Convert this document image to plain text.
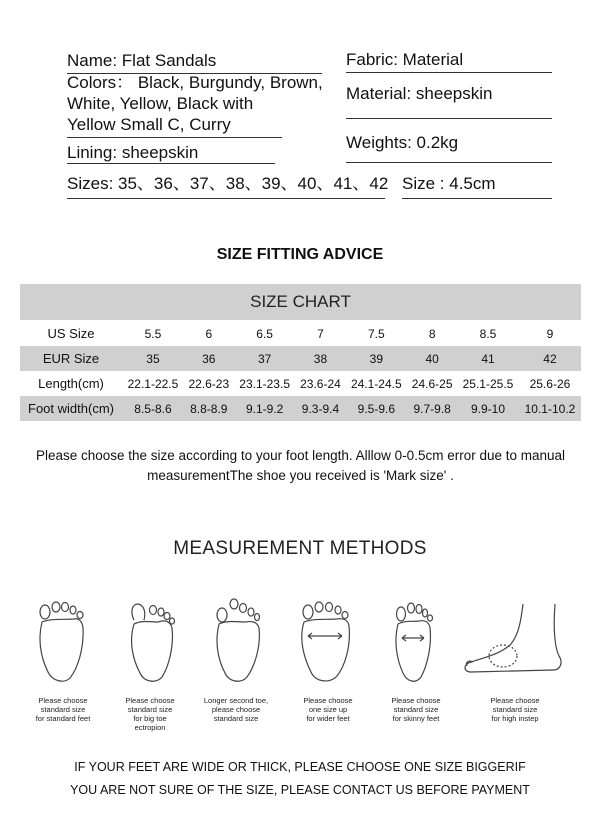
Name: Flat Sandals
Colors： Black, Burgundy, Brown,
White, Yellow, Black with
Yellow Small C, Curry
Lining: sheepskin
Sizes: 35、36、37、38、39、40、41、42
Fabric: Material
Material: sheepskin
Weights: 0.2kg
Size : 4.5cm
SIZE FITTING ADVICE
SIZE CHART
US Size	5.5	6	6.5	7	7.5	8	8.5	9
EUR Size	35	36	37	38	39	40	41	42
Length(cm)	22.1-22.5	22.6-23	23.1-23.5	23.6-24	24.1-24.5	24.6-25	25.1-25.5	25.6-26
Foot width(cm)	8.5-8.6	8.8-8.9	9.1-9.2	9.3-9.4	9.5-9.6	9.7-9.8	9.9-10	10.1-10.2
Please choose the size according to your foot length. Alllow 0-0.5cm error due to manual
measurementThe shoe you received is 'Mark size' .
MEASUREMENT METHODS
Please choose
standard size
for standard feet
Please choose
standard size
for big toe
ectropion
Longer second toe,
please choose
standard size
Please choose
one size up
for wider feet
Please choose
standard size
for skinny feet
Please choose
standard size
for high instep
IF YOUR FEET ARE WIDE OR THICK, PLEASE CHOOSE ONE SIZE BIGGERIF
YOU ARE NOT SURE OF THE SIZE, PLEASE CONTACT US BEFORE PAYMENT
